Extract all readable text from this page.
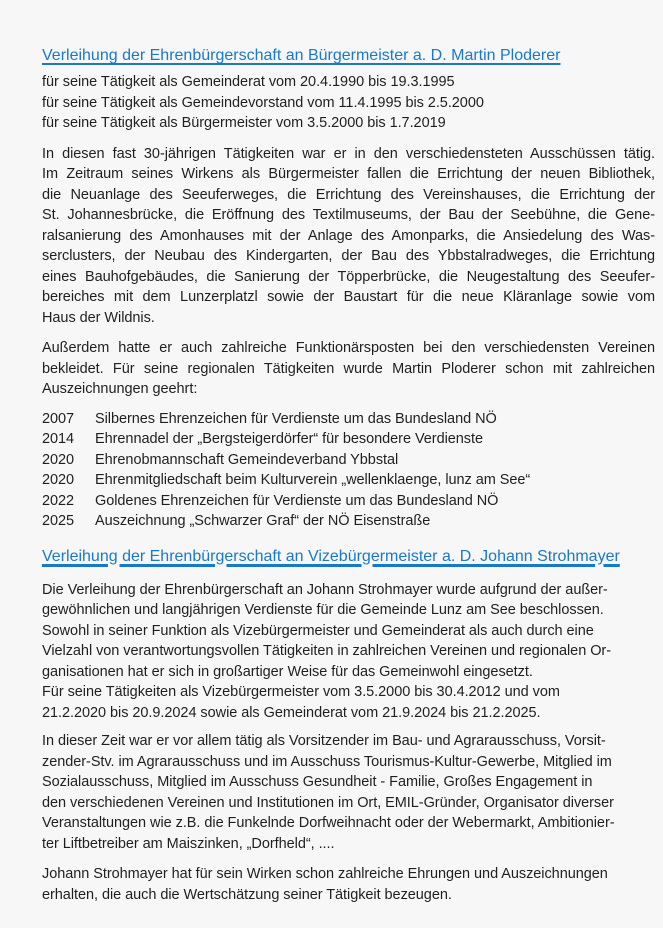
Verleihung der Ehrenbürgerschaft an Bürgermeister a. D. Martin Ploderer
für seine Tätigkeit als Gemeinderat vom 20.4.1990 bis 19.3.1995
für seine Tätigkeit als Gemeindevorstand vom 11.4.1995 bis 2.5.2000
für seine Tätigkeit als Bürgermeister vom 3.5.2000 bis 1.7.2019
In diesen fast 30-jährigen Tätigkeiten war er in den verschiedensteten Ausschüssen tätig.
Im Zeitraum seines Wirkens als Bürgermeister fallen die Errichtung der neuen Bibliothek,
die Neuanlage des Seeuferweges, die Errichtung des Vereinshauses, die Errichtung der
St. Johannesbrücke, die Eröffnung des Textilmuseums, der Bau der Seebühne, die Gene-
ralsanierung des Amonhauses mit der Anlage des Amonparks, die Ansiedelung des Was-
serclusters, der Neubau des Kindergarten, der Bau des Ybbstalradweges, die Errichtung
eines Bauhofgebäudes, die Sanierung der Töpperbrücke, die Neugestaltung des Seeufer-
bereiches mit dem Lunzerplatzl sowie der Baustart für die neue Kläranlage sowie vom
Haus der Wildnis.
Außerdem hatte er auch zahlreiche Funktionärsposten bei den verschiedensten Vereinen
bekleidet. Für seine regionalen Tätigkeiten wurde Martin Ploderer schon mit zahlreichen
Auszeichnungen geehrt:
2007	Silbernes Ehrenzeichen für Verdienste um das Bundesland NÖ
2014	Ehrennadel der „Bergsteigerdörfer“ für besondere Verdienste
2020	Ehrenobmannschaft Gemeindeverband Ybbstal
2020	Ehrenmitgliedschaft beim Kulturverein „wellenklaenge, lunz am See“
2022	Goldenes Ehrenzeichen für Verdienste um das Bundesland NÖ
2025	Auszeichnung „Schwarzer Graf“ der NÖ Eisenstraße
Verleihung der Ehrenbürgerschaft an Vizebürgermeister a. D. Johann Strohmayer
Die Verleihung der Ehrenbürgerschaft an Johann Strohmayer wurde aufgrund der außer-
gewöhnlichen und langjährigen Verdienste für die Gemeinde Lunz am See beschlossen.
Sowohl in seiner Funktion als Vizebürgermeister und Gemeinderat als auch durch eine
Vielzahl von verantwortungsvollen Tätigkeiten in zahlreichen Vereinen und regionalen Or-
ganisationen hat er sich in großartiger Weise für das Gemeinwohl eingesetzt.
Für seine Tätigkeiten als Vizebürgermeister vom 3.5.2000 bis 30.4.2012 und vom
21.2.2020 bis 20.9.2024 sowie als Gemeinderat vom 21.9.2024 bis 21.2.2025.
In dieser Zeit war er vor allem tätig als Vorsitzender im Bau- und Agrarausschuss, Vorsit-
zender-Stv. im Agrarausschuss und im Ausschuss Tourismus-Kultur-Gewerbe, Mitglied im
Sozialausschuss, Mitglied im Ausschuss Gesundheit - Familie, Großes Engagement in
den verschiedenen Vereinen und Institutionen im Ort, EMIL-Gründer, Organisator diverser
Veranstaltungen wie z.B. die Funkelnde Dorfweihnacht oder der Webermarkt, Ambitionier-
ter Liftbetreiber am Maiszinken, „Dorfheld“, ....
Johann Strohmayer hat für sein Wirken schon zahlreiche Ehrungen und Auszeichnungen
erhalten, die auch die Wertschätzung seiner Tätigkeit bezeugen.
